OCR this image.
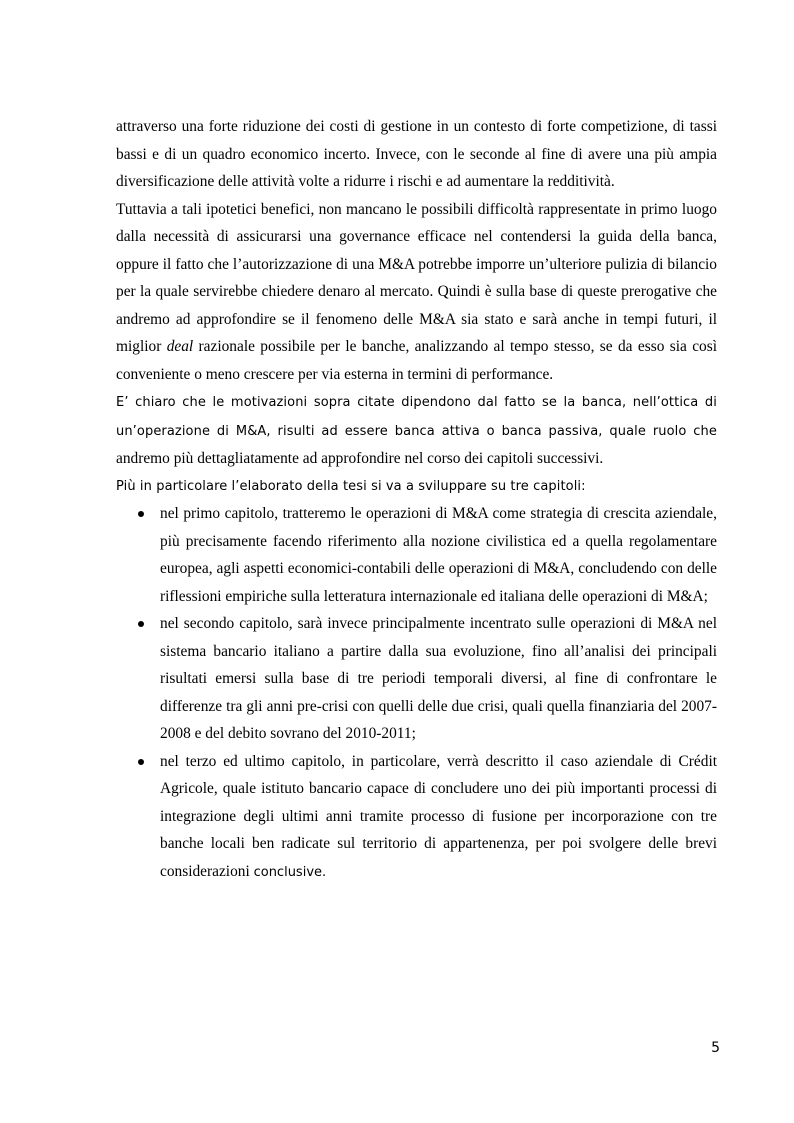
attraverso una forte riduzione dei costi di gestione in un contesto di forte competizione, di tassi bassi e di un quadro economico incerto. Invece, con le seconde al fine di avere una più ampia diversificazione delle attività volte a ridurre i rischi e ad aumentare la redditività.

Tuttavia a tali ipotetici benefici, non mancano le possibili difficoltà rappresentate in primo luogo dalla necessità di assicurarsi una governance efficace nel contendersi la guida della banca, oppure il fatto che l’autorizzazione di una M&A potrebbe imporre un’ulteriore pulizia di bilancio per la quale servirebbe chiedere denaro al mercato. Quindi è sulla base di queste prerogative che andremo ad approfondire se il fenomeno delle M&A sia stato e sarà anche in tempi futuri, il miglior deal razionale possibile per le banche, analizzando al tempo stesso, se da esso sia così conveniente o meno crescere per via esterna in termini di performance.

E’ chiaro che le motivazioni sopra citate dipendono dal fatto se la banca, nell’ottica di un’operazione di M&A, risulti ad essere banca attiva o banca passiva, quale ruolo che andremo più dettagliatamente ad approfondire nel corso dei capitoli successivi.

Più in particolare l’elaborato della tesi si va a sviluppare su tre capitoli:

nel primo capitolo, tratteremo le operazioni di M&A come strategia di crescita aziendale, più precisamente facendo riferimento alla nozione civilistica ed a quella regolamentare europea, agli aspetti economici-contabili delle operazioni di M&A, concludendo con delle riflessioni empiriche sulla letteratura internazionale ed italiana delle operazioni di M&A;
nel secondo capitolo, sarà invece principalmente incentrato sulle operazioni di M&A nel sistema bancario italiano a partire dalla sua evoluzione, fino all’analisi dei principali risultati emersi sulla base di tre periodi temporali diversi, al fine di confrontare le differenze tra gli anni pre-crisi con quelli delle due crisi, quali quella finanziaria del 2007-2008 e del debito sovrano del 2010-2011;
nel terzo ed ultimo capitolo, in particolare, verrà descritto il caso aziendale di Crédit Agricole, quale istituto bancario capace di concludere uno dei più importanti processi di integrazione degli ultimi anni tramite processo di fusione per incorporazione con tre banche locali ben radicate sul territorio di appartenenza, per poi svolgere delle brevi considerazioni conclusive.
5
